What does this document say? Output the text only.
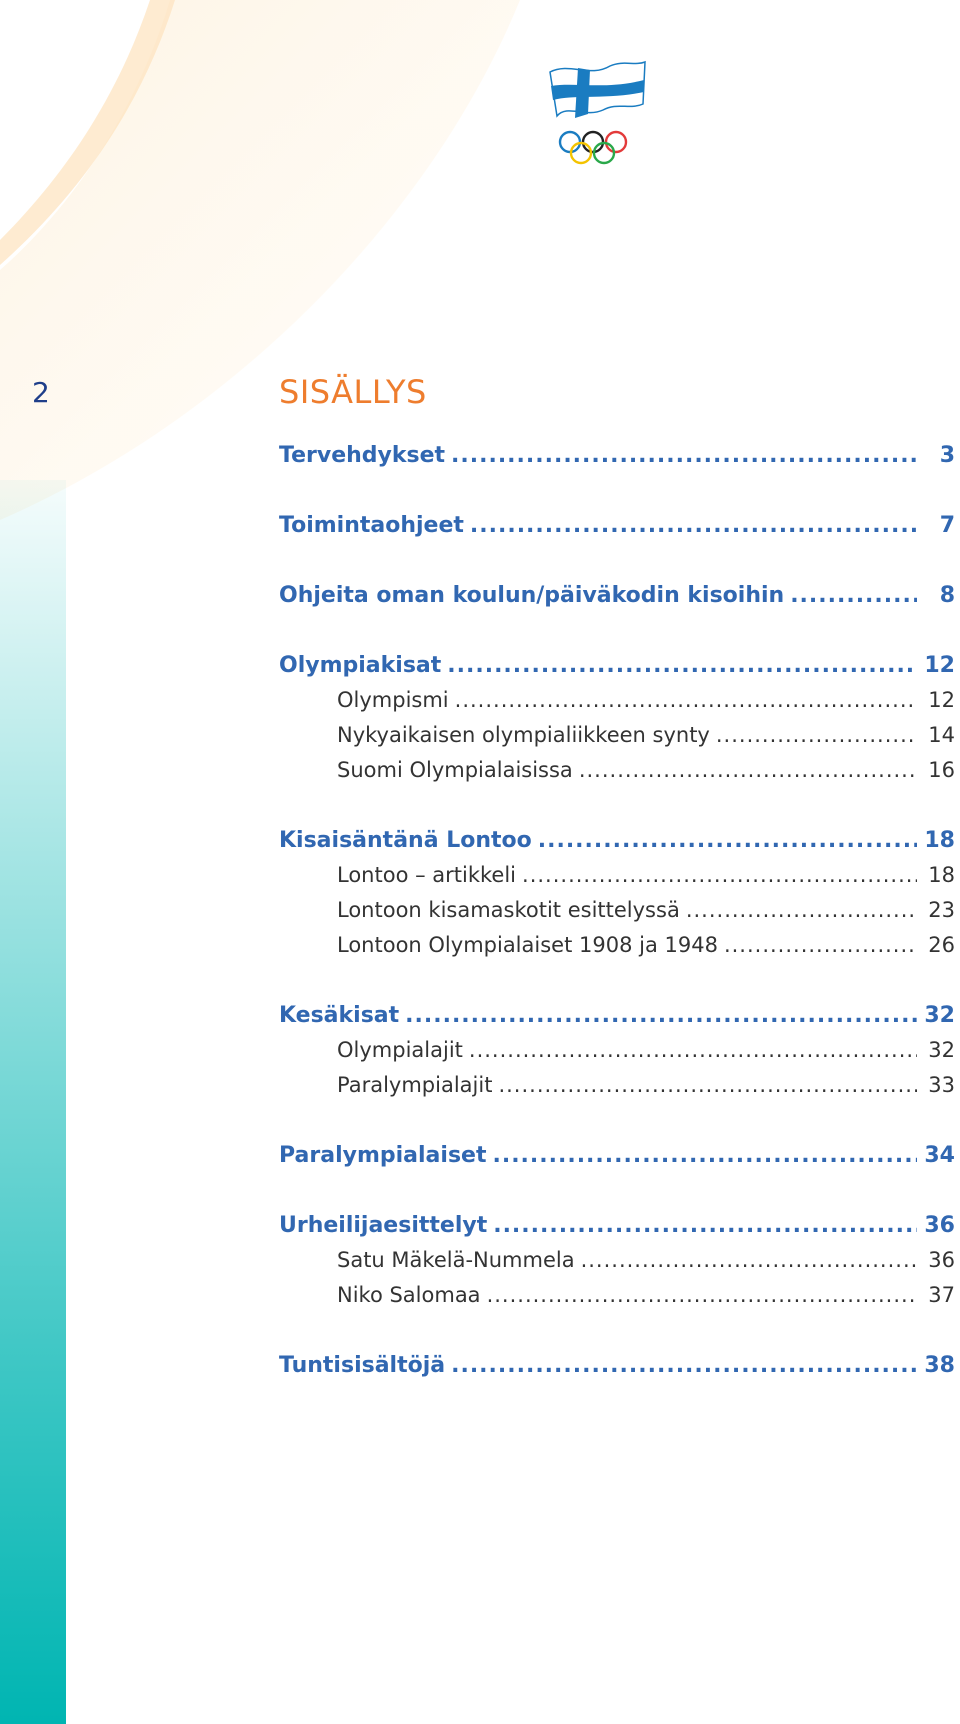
2	SISÄLLYS
Tervehdykset .....	3
Toimintaohjeet .....	7
Ohjeita oman koulun/päiväkodin kisoihin .....	8
Olympiakisat .....	12
Olympismi .....	12
Nykyaikaisen olympialiikkeen synty .....	14
Suomi Olympialaisissa .....	16
Kisaisäntänä Lontoo .....	18
Lontoo – artikkeli .....	18
Lontoon kisamaskotit esittelyssä .....	23
Lontoon Olympialaiset 1908 ja 1948 .....	26
Kesäkisat .....	32
Olympialajit .....	32
Paralympialajit .....	33
Paralympialaiset .....	34
Urheilijaesittelyt .....	36
Satu Mäkelä-Nummela .....	36
Niko Salomaa .....	37
Tuntisisältöjä .....	38
